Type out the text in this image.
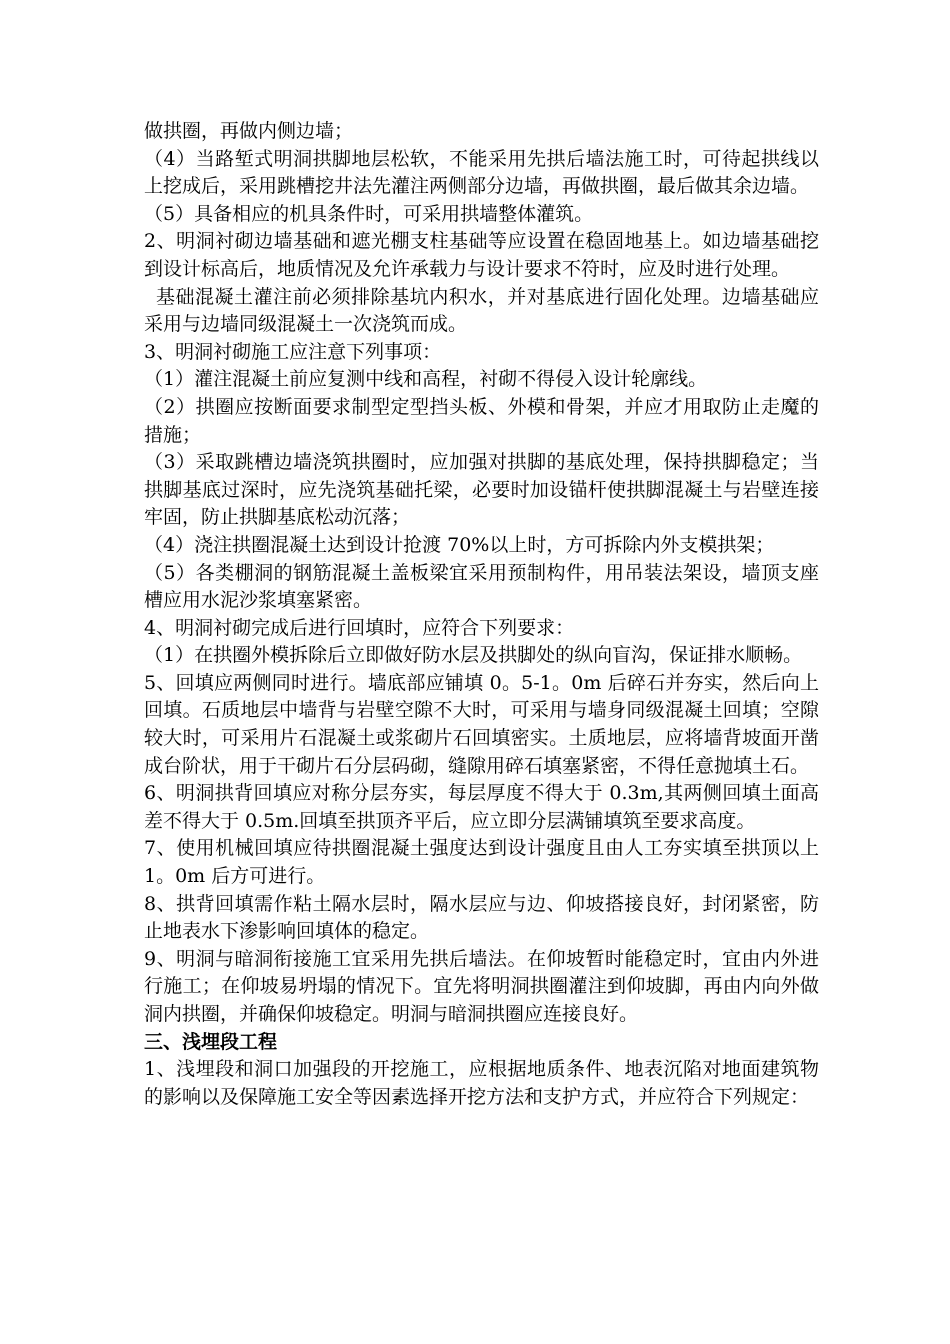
做拱圈，再做内侧边墙；

（4）当路堑式明洞拱脚地层松软，不能采用先拱后墙法施工时，可待起拱线以上挖成后，采用跳槽挖井法先灌注两侧部分边墙，再做拱圈，最后做其余边墙。

（5）具备相应的机具条件时，可采用拱墙整体灌筑。

2、明洞衬砌边墙基础和遮光棚支柱基础等应设置在稳固地基上。如边墙基础挖到设计标高后，地质情况及允许承载力与设计要求不符时，应及时进行处理。

基础混凝土灌注前必须排除基坑内积水，并对基底进行固化处理。边墙基础应采用与边墙同级混凝土一次浇筑而成。

3、明洞衬砌施工应注意下列事项：

（1）灌注混凝土前应复测中线和高程，衬砌不得侵入设计轮廓线。

（2）拱圈应按断面要求制型定型挡头板、外模和骨架，并应才用取防止走魔的措施；

（3）采取跳槽边墙浇筑拱圈时，应加强对拱脚的基底处理，保持拱脚稳定；当拱脚基底过深时，应先浇筑基础托梁，必要时加设锚杆使拱脚混凝土与岩壁连接牢固，防止拱脚基底松动沉落；

（4）浇注拱圈混凝土达到设计抢渡 70%以上时，方可拆除内外支模拱架；

（5）各类棚洞的钢筋混凝土盖板梁宜采用预制构件，用吊装法架设，墙顶支座槽应用水泥沙浆填塞紧密。

4、明洞衬砌完成后进行回填时，应符合下列要求：

（1）在拱圈外模拆除后立即做好防水层及拱脚处的纵向盲沟，保证排水顺畅。

5、回填应两侧同时进行。墙底部应铺填 0。5-1。0m 后碎石并夯实，然后向上回填。石质地层中墙背与岩壁空隙不大时，可采用与墙身同级混凝土回填；空隙较大时，可采用片石混凝土或浆砌片石回填密实。土质地层，应将墙背坡面开凿成台阶状，用于干砌片石分层码砌，缝隙用碎石填塞紧密，不得任意抛填土石。

6、明洞拱背回填应对称分层夯实，每层厚度不得大于 0.3m,其两侧回填土面高差不得大于 0.5m.回填至拱顶齐平后，应立即分层满铺填筑至要求高度。

7、使用机械回填应待拱圈混凝土强度达到设计强度且由人工夯实填至拱顶以上 1。0m 后方可进行。

8、拱背回填需作粘土隔水层时，隔水层应与边、仰坡搭接良好，封闭紧密，防止地表水下渗影响回填体的稳定。

9、明洞与暗洞衔接施工宜采用先拱后墙法。在仰坡暂时能稳定时，宜由内外进行施工；在仰坡易坍塌的情况下。宜先将明洞拱圈灌注到仰坡脚，再由内向外做洞内拱圈，并确保仰坡稳定。明洞与暗洞拱圈应连接良好。

三、浅埋段工程

1、浅埋段和洞口加强段的开挖施工，应根据地质条件、地表沉陷对地面建筑物的影响以及保障施工安全等因素选择开挖方法和支护方式，并应符合下列规定：
